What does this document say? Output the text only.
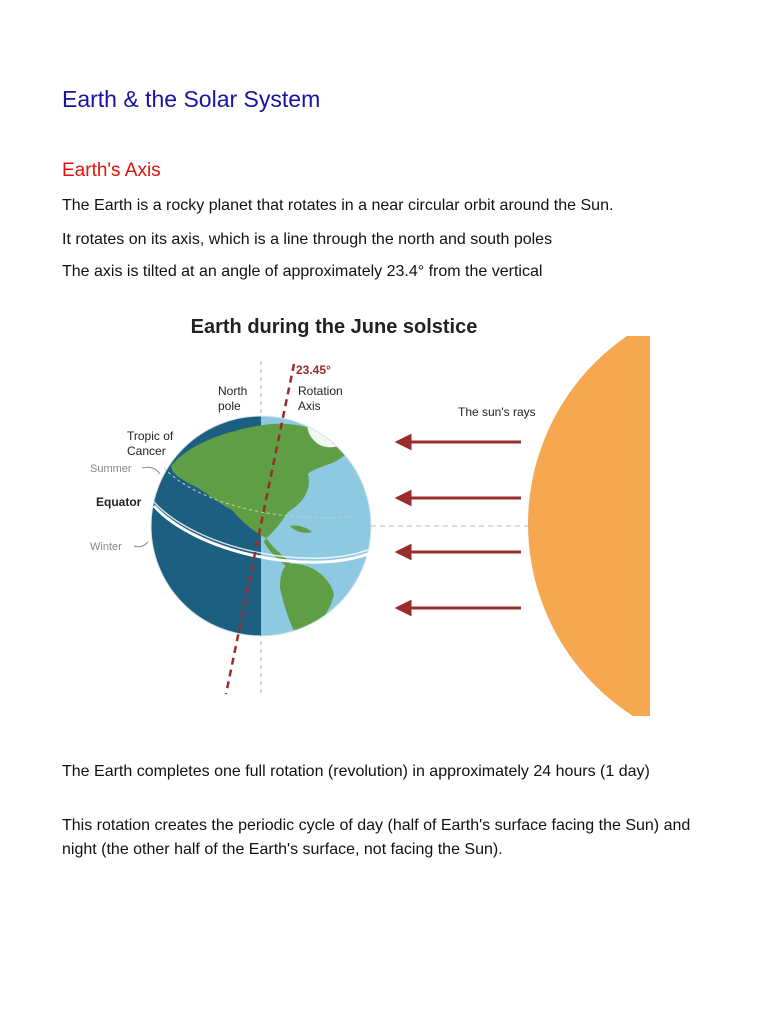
Earth & the Solar System
Earth's Axis

The Earth is a rocky planet that rotates in a near circular orbit around the Sun.

It rotates on its axis, which is a line through the north and south poles

The axis is tilted at an angle of approximately 23.4° from the vertical

Earth during the June solstice
23.45°
Rotation
Axis
North
pole
Tropic of
Cancer
Summer
Equator
Winter
The sun's rays

The Earth completes one full rotation (revolution) in approximately 24 hours (1 day)

This rotation creates the periodic cycle of day (half of Earth's surface facing the Sun) and night (the other half of the Earth's surface, not facing the Sun).
